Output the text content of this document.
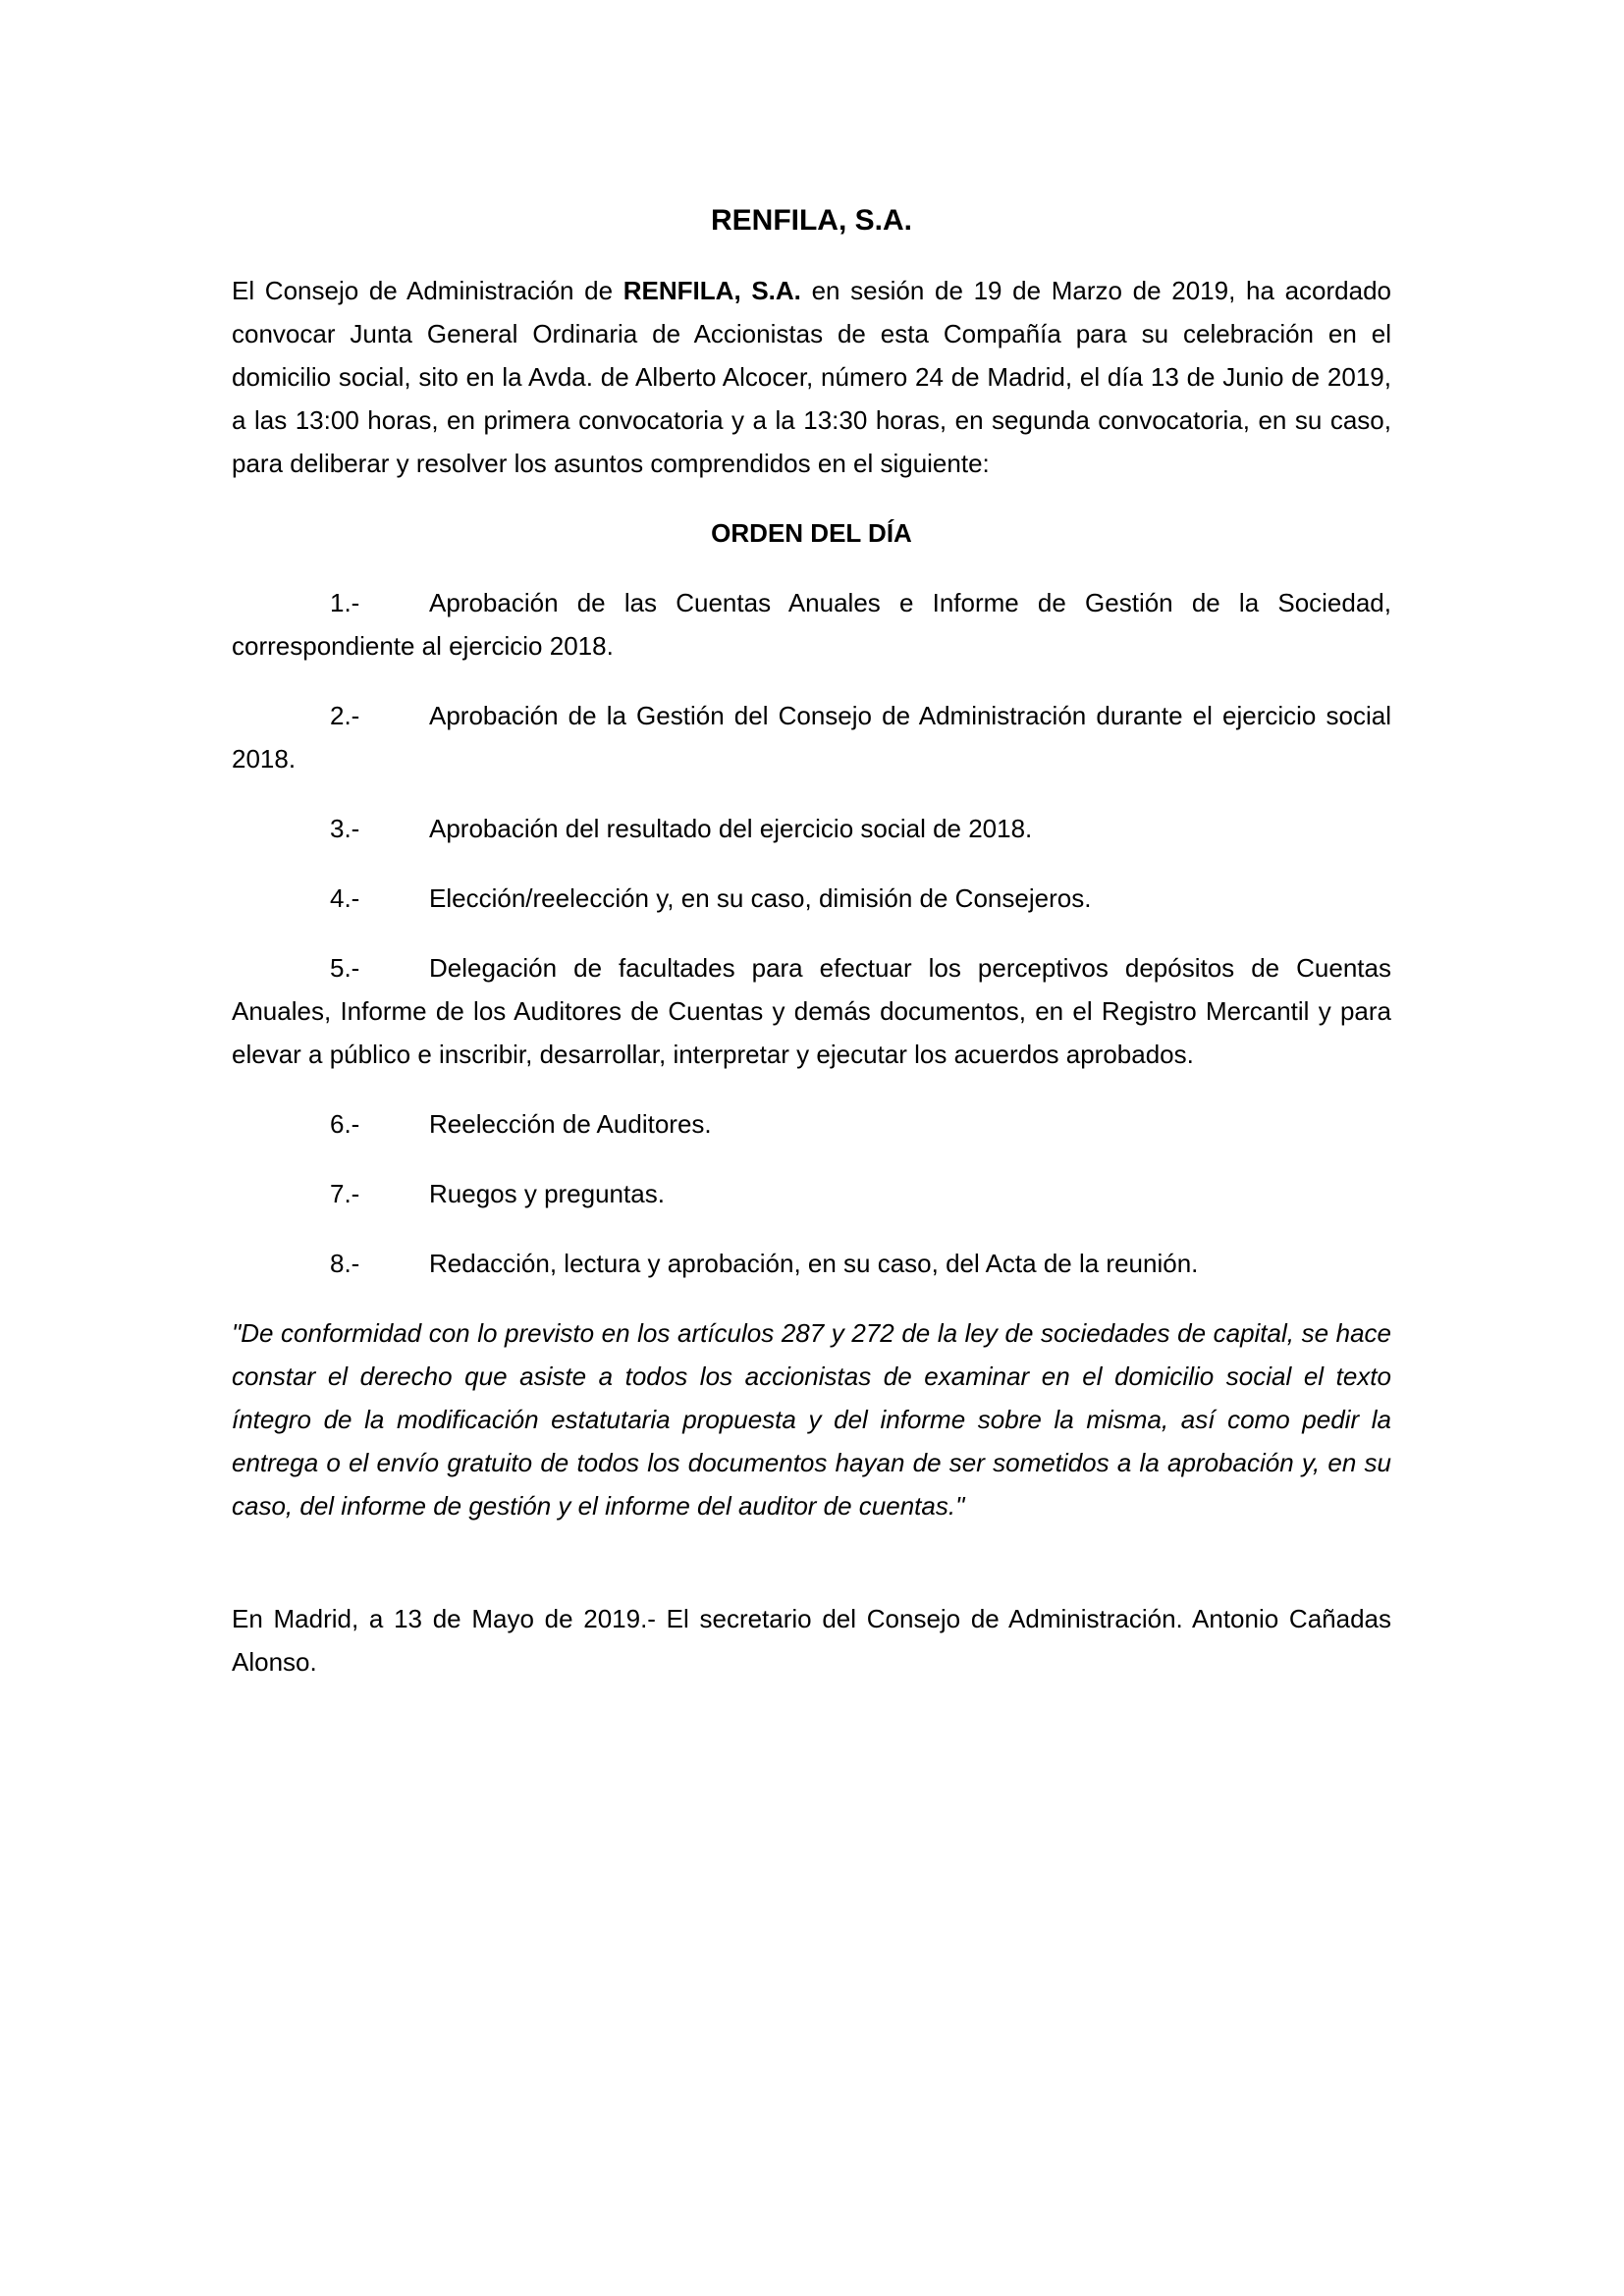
RENFILA, S.A.

El Consejo de Administración de RENFILA, S.A. en sesión de 19 de Marzo de 2019, ha acordado convocar Junta General Ordinaria de Accionistas de esta Compañía para su celebración en el domicilio social, sito en la Avda. de Alberto Alcocer, número 24 de Madrid, el día 13 de Junio de 2019, a las 13:00 horas, en primera convocatoria y a la 13:30 horas, en segunda convocatoria, en su caso, para deliberar y resolver los asuntos comprendidos en el siguiente:

ORDEN DEL DÍA

1.-	Aprobación de las Cuentas Anuales e Informe de Gestión de la Sociedad, correspondiente al ejercicio 2018.

2.-	Aprobación de la Gestión del Consejo de Administración durante el ejercicio social 2018.

3.-	Aprobación del resultado del ejercicio social de 2018.

4.-	Elección/reelección y, en su caso, dimisión de Consejeros.

5.-	Delegación de facultades para efectuar los perceptivos depósitos de Cuentas Anuales, Informe de los Auditores de Cuentas y demás documentos, en el Registro Mercantil y para elevar a público e inscribir, desarrollar, interpretar y ejecutar los acuerdos aprobados.

6.-	Reelección de Auditores.

7.-	Ruegos y preguntas.

8.-	Redacción, lectura y aprobación, en su caso, del Acta de la reunión.

"De conformidad con lo previsto en los artículos 287 y 272 de la ley de sociedades de capital, se hace constar el derecho que asiste a todos los accionistas de examinar en el domicilio social el texto íntegro de la modificación estatutaria propuesta y del informe sobre la misma, así como pedir la entrega o el envío gratuito de todos los documentos hayan de ser sometidos a la aprobación y, en su caso, del informe de gestión y el informe del auditor de cuentas."

En Madrid, a 13 de Mayo de 2019.- El secretario del Consejo de Administración. Antonio Cañadas Alonso.
